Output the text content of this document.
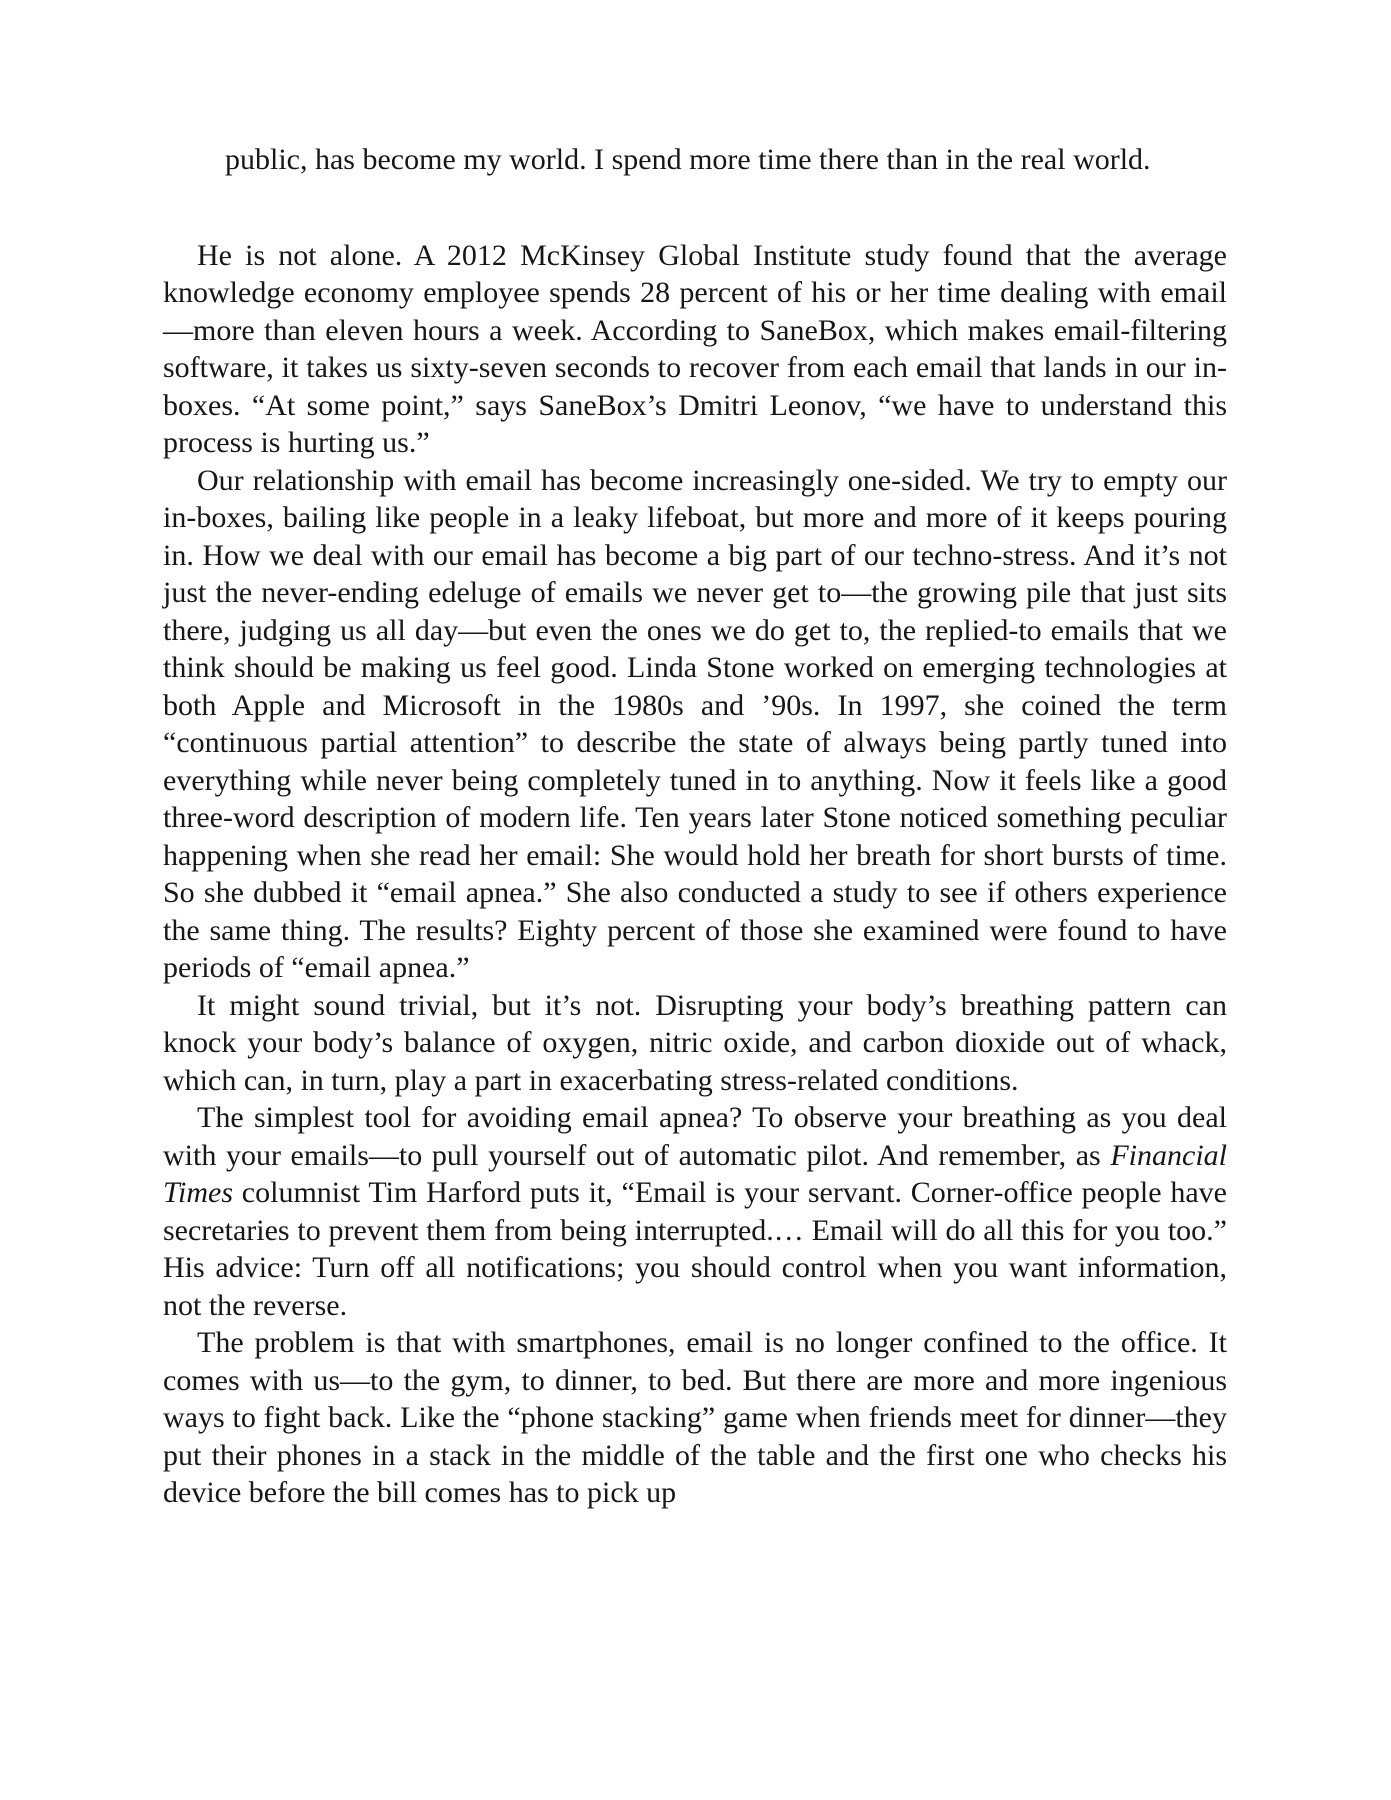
public, has become my world. I spend more time there than in the real world.

He is not alone. A 2012 McKinsey Global Institute study found that the average knowledge economy employee spends 28 percent of his or her time dealing with email—more than eleven hours a week. According to SaneBox, which makes email-filtering software, it takes us sixty-seven seconds to recover from each email that lands in our in-boxes. “At some point,” says SaneBox’s Dmitri Leonov, “we have to understand this process is hurting us.”

Our relationship with email has become increasingly one-sided. We try to empty our in-boxes, bailing like people in a leaky lifeboat, but more and more of it keeps pouring in. How we deal with our email has become a big part of our techno-stress. And it’s not just the never-ending edeluge of emails we never get to—the growing pile that just sits there, judging us all day—but even the ones we do get to, the replied-to emails that we think should be making us feel good. Linda Stone worked on emerging technologies at both Apple and Microsoft in the 1980s and ’90s. In 1997, she coined the term “continuous partial attention” to describe the state of always being partly tuned into everything while never being completely tuned in to anything. Now it feels like a good three-word description of modern life. Ten years later Stone noticed something peculiar happening when she read her email: She would hold her breath for short bursts of time. So she dubbed it “email apnea.” She also conducted a study to see if others experience the same thing. The results? Eighty percent of those she examined were found to have periods of “email apnea.”

It might sound trivial, but it’s not. Disrupting your body’s breathing pattern can knock your body’s balance of oxygen, nitric oxide, and carbon dioxide out of whack, which can, in turn, play a part in exacerbating stress-related conditions.

The simplest tool for avoiding email apnea? To observe your breathing as you deal with your emails—to pull yourself out of automatic pilot. And remember, as Financial Times columnist Tim Harford puts it, “Email is your servant. Corner-office people have secretaries to prevent them from being interrupted.… Email will do all this for you too.” His advice: Turn off all notifications; you should control when you want information, not the reverse.

The problem is that with smartphones, email is no longer confined to the office. It comes with us—to the gym, to dinner, to bed. But there are more and more ingenious ways to fight back. Like the “phone stacking” game when friends meet for dinner—they put their phones in a stack in the middle of the table and the first one who checks his device before the bill comes has to pick up
